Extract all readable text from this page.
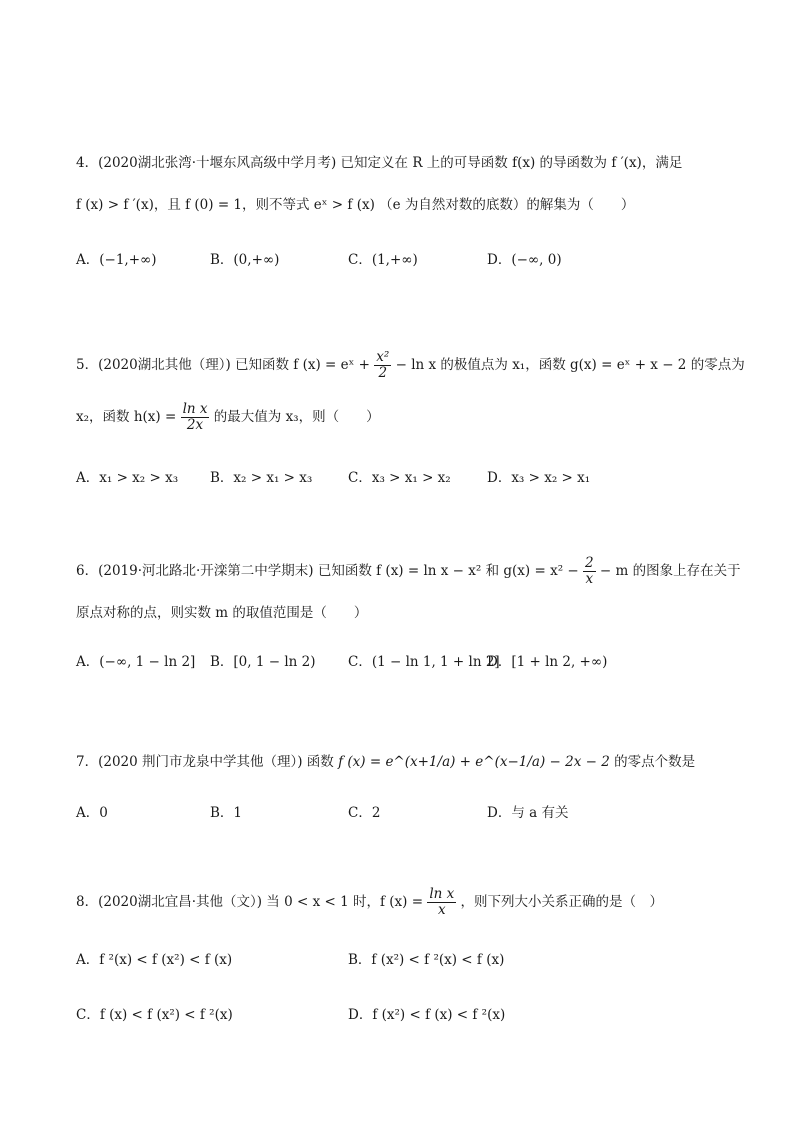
4．(2020湖北张湾·十堰东风高级中学月考) 已知定义在 R 上的可导函数 f(x) 的导函数为 f ′(x)，满足
f (x) > f ′(x)，且 f (0) = 1，则不等式 eˣ > f (x) （e 为自然对数的底数）的解集为（　　）
A．(−1,+∞)	B．(0,+∞)	C．(1,+∞)	D．(−∞, 0)
5．(2020湖北其他（理）) 已知函数 f (x) = eˣ + $\frac{\text{x²}}{2} - \ln x$ 的极值点为 x₁，函数 g(x) = eˣ + x − 2 的零点为
x₂，函数 $h(x) = \frac{\text{ln x}}{2x}$ 的最大值为 x₃，则（　　）
A．x₁ > x₂ > x₃ B．x₂ > x₁ > x₃	C．x₃ > x₁ > x₂	D．x₃ > x₂ > x₁
6．(2019·河北路北·开滦第二中学期末) 已知函数 f (x) = ln x − x² 和 $g(x) = x^2 - \frac{2}{x} - m$ 的图象上存在关于
原点对称的点，则实数 m 的取值范围是（　　）
A．(−∞, 1 − ln 2] B．[0, 1 − ln 2) C．(1 − ln 1, 1 + ln 2]
D．[1 + ln 2, +∞)
7．(2020 荆门市龙泉中学其他（理）) 函数 f (x) = e^(x+1/a) + e^(x−1/a) − 2x − 2 的零点个数是
A．0	B．1	C．2	D．与 a 有关
8．(2020湖北宜昌·其他（文）) 当 0 < x < 1 时，f $(x) = \frac{\text{ln x}}{x}$ ，则下列大小关系正确的是（　）
A．f ²(x) < f (x²) < f (x)	B．f (x²) < f ²(x) < f (x)
C．f (x) < f (x²) < f ²(x)	D．f (x²) < f (x) < f ²(x)
